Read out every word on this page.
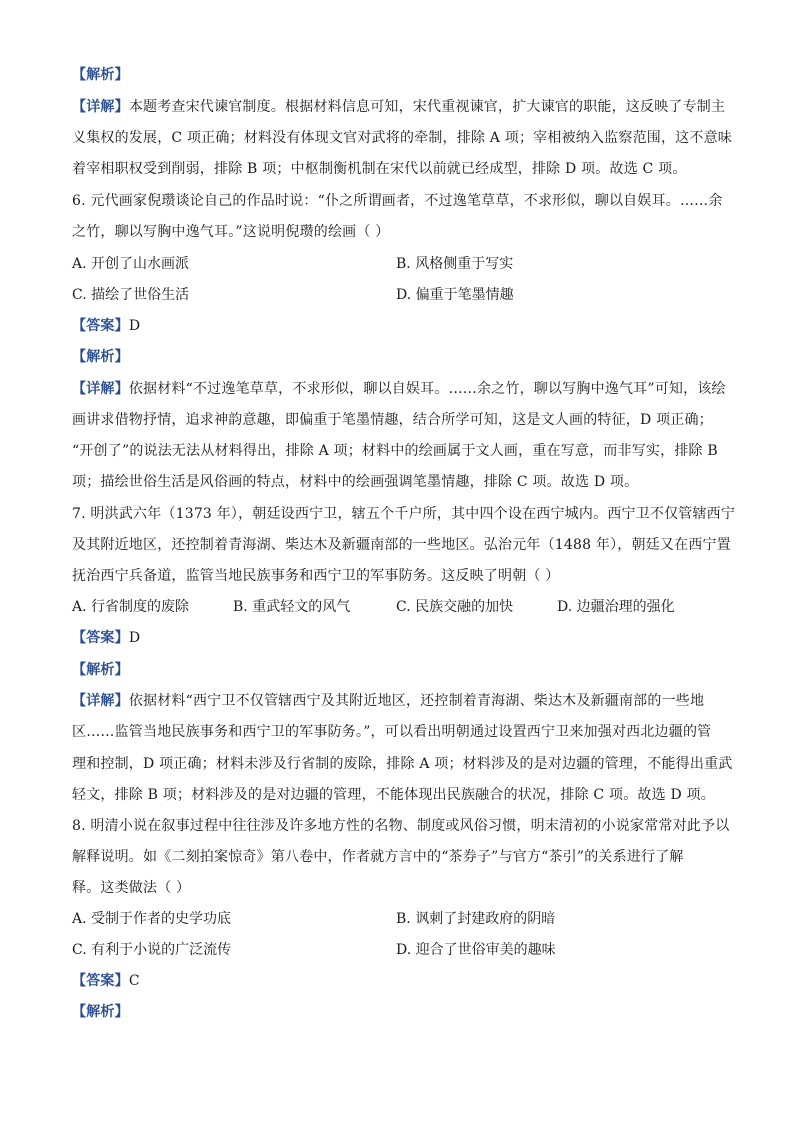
【解析】
【详解】本题考查宋代谏官制度。根据材料信息可知，宋代重视谏官，扩大谏官的职能，这反映了专制主
义集权的发展，C 项正确；材料没有体现文官对武将的牵制，排除 A 项；宰相被纳入监察范围，这不意味
着宰相职权受到削弱，排除 B 项；中枢制衡机制在宋代以前就已经成型，排除 D 项。故选 C 项。
6. 元代画家倪瓒谈论自己的作品时说：“仆之所谓画者，不过逸笔草草，不求形似，聊以自娱耳。……余
之竹，聊以写胸中逸气耳。”这说明倪瓒的绘画（ ）
A. 开创了山水画派	B. 风格侧重于写实
C. 描绘了世俗生活	D. 偏重于笔墨情趣
【答案】D
【解析】
【详解】依据材料“不过逸笔草草，不求形似，聊以自娱耳。……余之竹，聊以写胸中逸气耳”可知，该绘
画讲求借物抒情，追求神韵意趣，即偏重于笔墨情趣，结合所学可知，这是文人画的特征，D 项正确；
“开创了”的说法无法从材料得出，排除 A 项；材料中的绘画属于文人画，重在写意，而非写实，排除 B
项；描绘世俗生活是风俗画的特点，材料中的绘画强调笔墨情趣，排除 C 项。故选 D 项。
7. 明洪武六年（1373 年），朝廷设西宁卫，辖五个千户所，其中四个设在西宁城内。西宁卫不仅管辖西宁
及其附近地区，还控制着青海湖、柴达木及新疆南部的一些地区。弘治元年（1488 年），朝廷又在西宁置
抚治西宁兵备道，监管当地民族事务和西宁卫的军事防务。这反映了明朝（ ）
A. 行省制度的废除	B. 重武轻文的风气	C. 民族交融的加快	D. 边疆治理的强化
【答案】D
【解析】
【详解】依据材料“西宁卫不仅管辖西宁及其附近地区，还控制着青海湖、柴达木及新疆南部的一些地
区……监管当地民族事务和西宁卫的军事防务。”，可以看出明朝通过设置西宁卫来加强对西北边疆的管
理和控制，D 项正确；材料未涉及行省制的废除，排除 A 项；材料涉及的是对边疆的管理，不能得出重武
轻文，排除 B 项；材料涉及的是对边疆的管理，不能体现出民族融合的状况，排除 C 项。故选 D 项。
8. 明清小说在叙事过程中往往涉及许多地方性的名物、制度或风俗习惯，明末清初的小说家常常对此予以
解释说明。如《二刻拍案惊奇》第八卷中，作者就方言中的“茶券子”与官方“茶引”的关系进行了解
释。这类做法（ ）
A. 受制于作者的史学功底	B. 讽刺了封建政府的阴暗
C. 有利于小说的广泛流传	D. 迎合了世俗审美的趣味
【答案】C
【解析】
